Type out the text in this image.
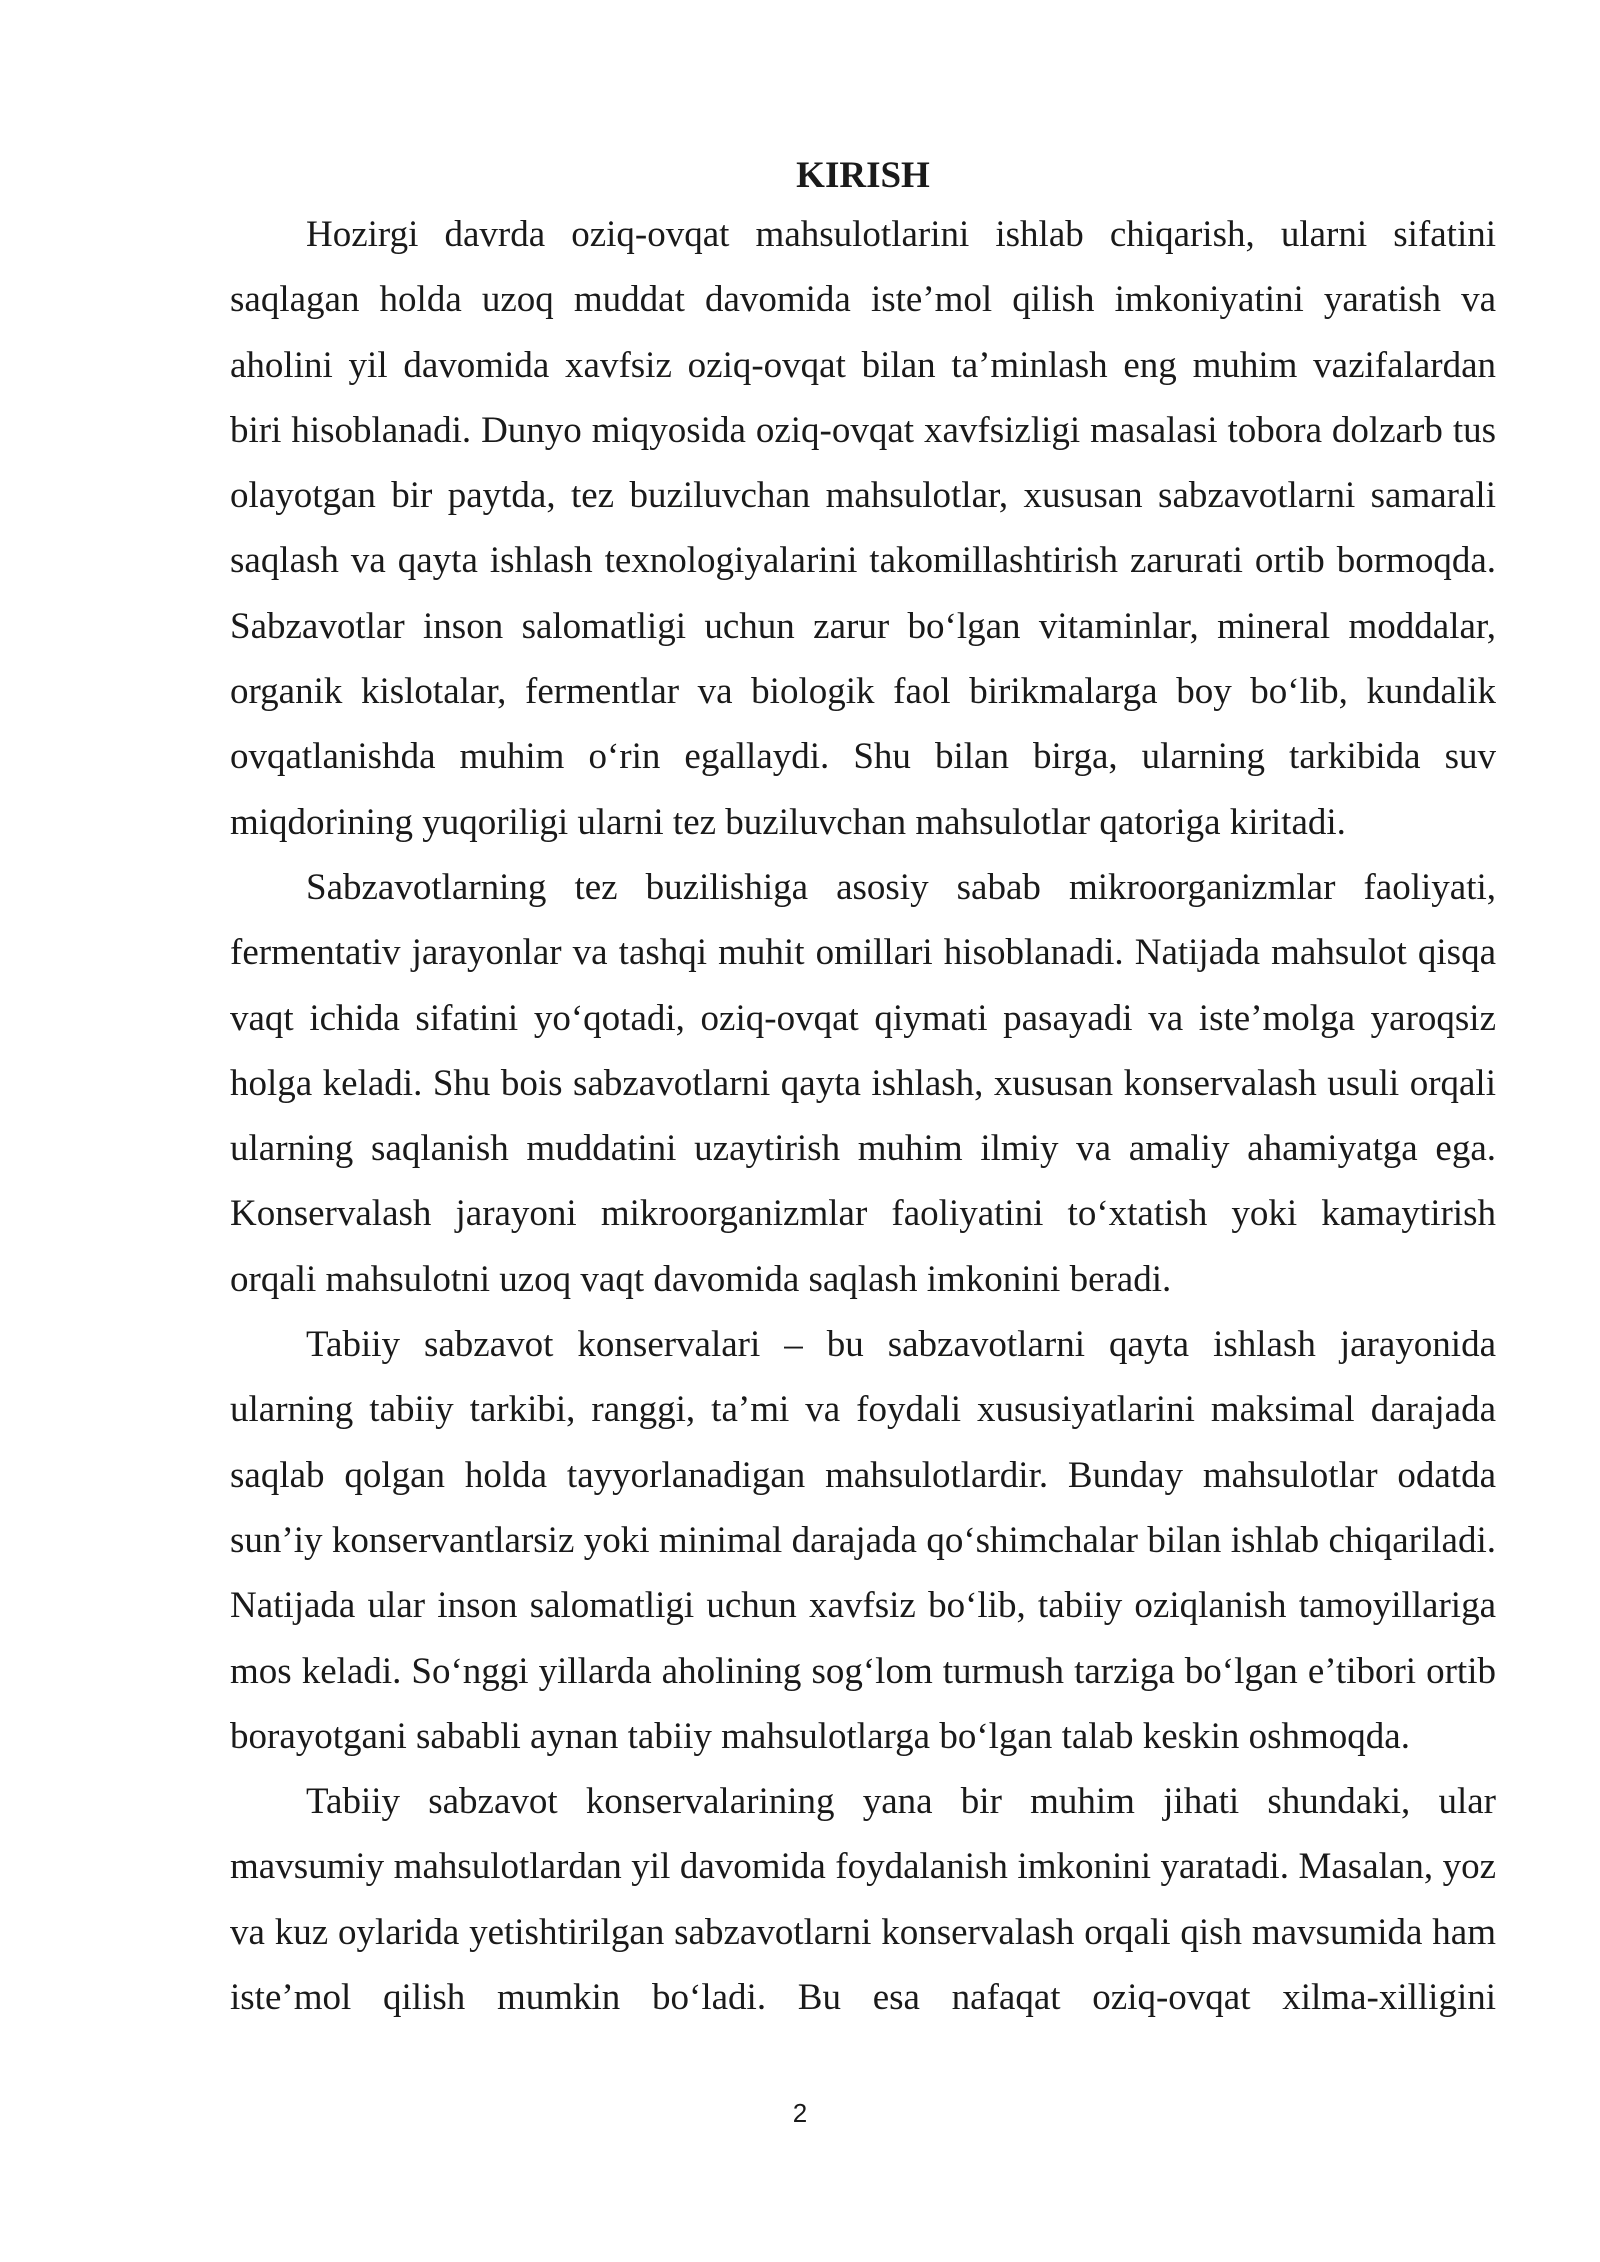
KIRISH

Hozirgi davrda oziq-ovqat mahsulotlarini ishlab chiqarish, ularni sifatini saqlagan holda uzoq muddat davomida iste’mol qilish imkoniyatini yaratish va aholini yil davomida xavfsiz oziq-ovqat bilan ta’minlash eng muhim vazifalardan biri hisoblanadi. Dunyo miqyosida oziq-ovqat xavfsizligi masalasi tobora dolzarb tus olayotgan bir paytda, tez buziluvchan mahsulotlar, xususan sabzavotlarni samarali saqlash va qayta ishlash texnologiyalarini takomillashtirish zarurati ortib bormoqda. Sabzavotlar inson salomatligi uchun zarur bo‘lgan vitaminlar, mineral moddalar, organik kislotalar, fermentlar va biologik faol birikmalarga boy bo‘lib, kundalik ovqatlanishda muhim o‘rin egallaydi. Shu bilan birga, ularning tarkibida suv miqdorining yuqoriligi ularni tez buziluvchan mahsulotlar qatoriga kiritadi.

Sabzavotlarning tez buzilishiga asosiy sabab mikroorganizmlar faoliyati, fermentativ jarayonlar va tashqi muhit omillari hisoblanadi. Natijada mahsulot qisqa vaqt ichida sifatini yo‘qotadi, oziq-ovqat qiymati pasayadi va iste’molga yaroqsiz holga keladi. Shu bois sabzavotlarni qayta ishlash, xususan konservalash usuli orqali ularning saqlanish muddatini uzaytirish muhim ilmiy va amaliy ahamiyatga ega. Konservalash jarayoni mikroorganizmlar faoliyatini to‘xtatish yoki kamaytirish orqali mahsulotni uzoq vaqt davomida saqlash imkonini beradi.

Tabiiy sabzavot konservalari – bu sabzavotlarni qayta ishlash jarayonida ularning tabiiy tarkibi, ranggi, ta’mi va foydali xususiyatlarini maksimal darajada saqlab qolgan holda tayyorlanadigan mahsulotlardir. Bunday mahsulotlar odatda sun’iy konservantlarsiz yoki minimal darajada qo‘shimchalar bilan ishlab chiqariladi. Natijada ular inson salomatligi uchun xavfsiz bo‘lib, tabiiy oziqlanish tamoyillariga mos keladi. So‘nggi yillarda aholining sog‘lom turmush tarziga bo‘lgan e’tibori ortib borayotgani sababli aynan tabiiy mahsulotlarga bo‘lgan talab keskin oshmoqda.

Tabiiy sabzavot konservalarining yana bir muhim jihati shundaki, ular mavsumiy mahsulotlardan yil davomida foydalanish imkonini yaratadi. Masalan, yoz va kuz oylarida yetishtirilgan sabzavotlarni konservalash orqali qish mavsumida ham iste’mol qilish mumkin bo‘ladi. Bu esa nafaqat oziq-ovqat xilma-xilligini

2
